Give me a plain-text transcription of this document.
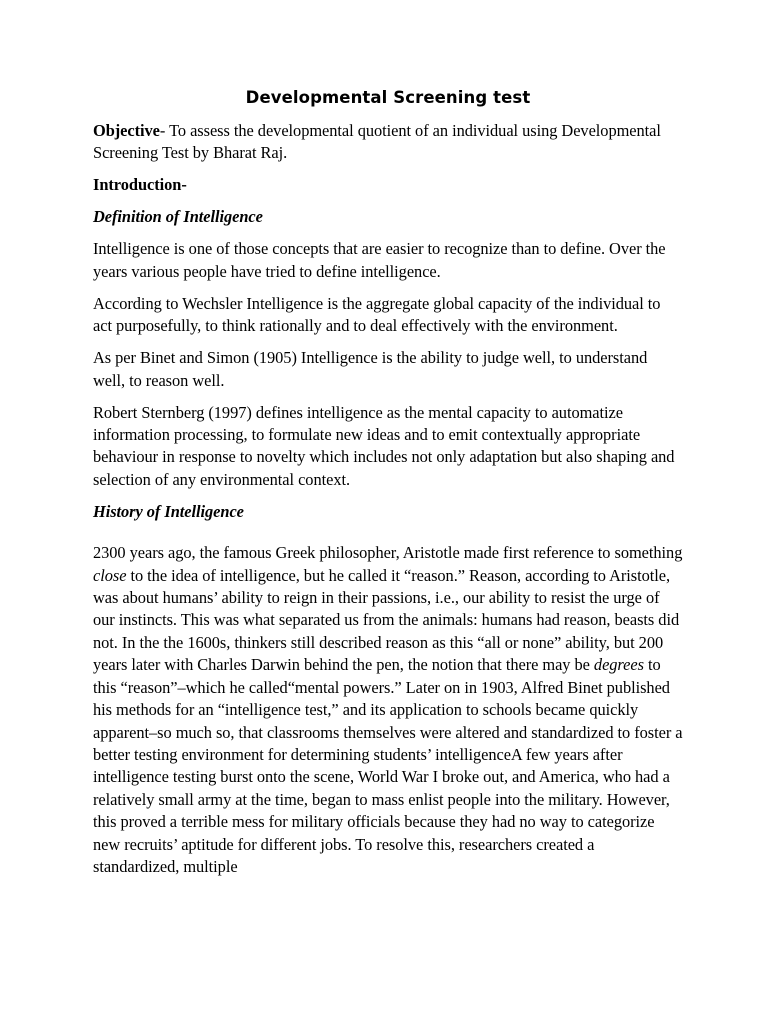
Developmental Screening test

Objective- To assess the developmental quotient of an individual using Developmental Screening Test by Bharat Raj.

Introduction-

Definition of Intelligence

Intelligence is one of those concepts that are easier to recognize than to define. Over the years various people have tried to define intelligence.

According to Wechsler Intelligence is the aggregate global capacity of the individual to act purposefully, to think rationally and to deal effectively with the environment.

As per Binet and Simon (1905) Intelligence is the ability to judge well, to understand well, to reason well.

Robert Sternberg (1997) defines intelligence as the mental capacity to automatize information processing, to formulate new ideas and to emit contextually appropriate behaviour in response to novelty which includes not only adaptation but also shaping and selection of any environmental context.

History of Intelligence

2300 years ago, the famous Greek philosopher, Aristotle made first reference to something close to the idea of intelligence, but he called it “reason.” Reason, according to Aristotle, was about humans’ ability to reign in their passions, i.e., our ability to resist the urge of our instincts. This was what separated us from the animals: humans had reason, beasts did not. In the the 1600s, thinkers still described reason as this “all or none” ability, but 200 years later with Charles Darwin behind the pen, the notion that there may be degrees to this “reason”–which he called“mental powers.” Later on in 1903, Alfred Binet published his methods for an “intelligence test,” and its application to schools became quickly apparent–so much so, that classrooms themselves were altered and standardized to foster a better testing environment for determining students’ intelligenceA few years after intelligence testing burst onto the scene, World War I broke out, and America, who had a relatively small army at the time, began to mass enlist people into the military. However, this proved a terrible mess for military officials because they had no way to categorize new recruits’ aptitude for different jobs. To resolve this, researchers created a standardized, multiple
